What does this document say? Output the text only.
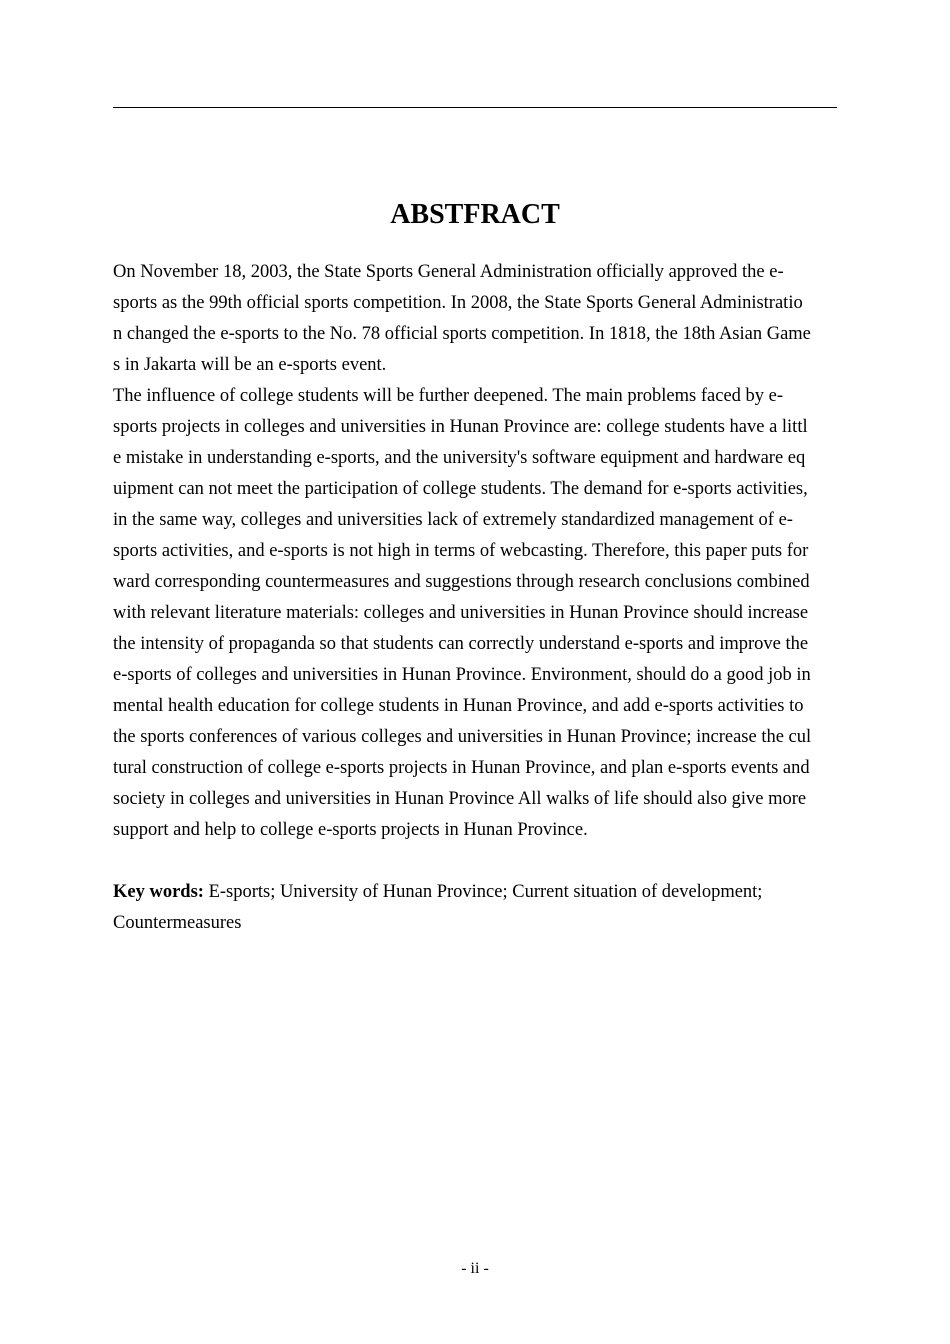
ABSTFRACT
On November 18, 2003, the State Sports General Administration officially approved the e-
sports as the 99th official sports competition. In 2008, the State Sports General Administratio
n changed the e-sports to the No. 78 official sports competition. In 1818, the 18th Asian Game
s in Jakarta will be an e-sports event.
The influence of college students will be further deepened. The main problems faced by e-
sports projects in colleges and universities in Hunan Province are: college students have a littl
e mistake in understanding e-sports, and the university's software equipment and hardware eq
uipment can not meet the participation of college students. The demand for e-sports activities,
in the same way, colleges and universities lack of extremely standardized management of e-
sports activities, and e-sports is not high in terms of webcasting. Therefore, this paper puts for
ward corresponding countermeasures and suggestions through research conclusions combined
with relevant literature materials: colleges and universities in Hunan Province should increase
the intensity of propaganda so that students can correctly understand e-sports and improve the
e-sports of colleges and universities in Hunan Province. Environment, should do a good job in
mental health education for college students in Hunan Province, and add e-sports activities to
the sports conferences of various colleges and universities in Hunan Province; increase the cul
tural construction of college e-sports projects in Hunan Province, and plan e-sports events and
society in colleges and universities in Hunan Province All walks of life should also give more
support and help to college e-sports projects in Hunan Province.
Key words: E-sports; University of Hunan Province; Current situation of development;
Countermeasures
- ii -
